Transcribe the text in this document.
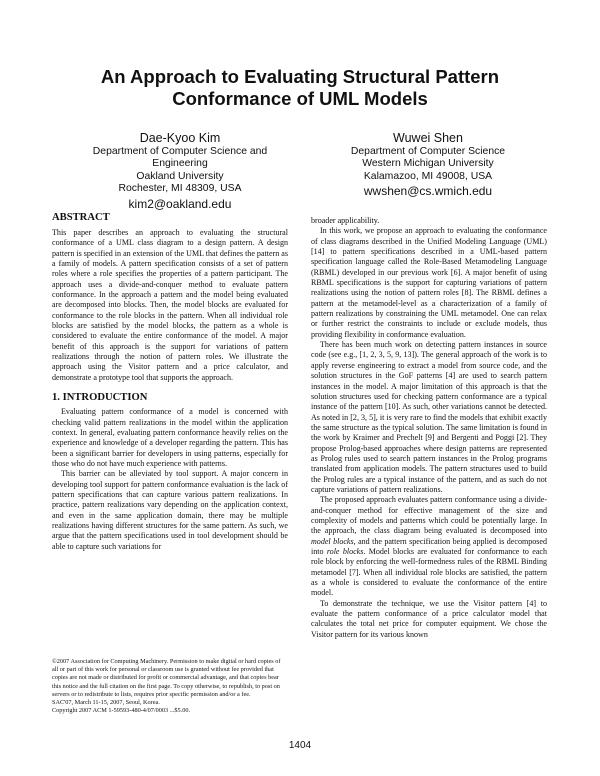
An Approach to Evaluating Structural Pattern
Conformance of UML Models
Dae-Kyoo Kim
Department of Computer Science and
Engineering
Oakland University
Rochester, MI 48309, USA
kim2@oakland.edu
Wuwei Shen
Department of Computer Science
Western Michigan University
Kalamazoo, MI 49008, USA
wwshen@cs.wmich.edu
ABSTRACT

This paper describes an approach to evaluating the structural conformance of a UML class diagram to a design pattern. A design pattern is specified in an extension of the UML that defines the pattern as a family of models. A pattern specification consists of a set of pattern roles where a role specifies the properties of a pattern participant. The approach uses a divide-and-conquer method to evaluate pattern conformance. In the approach a pattern and the model being evaluated are decomposed into blocks. Then, the model blocks are evaluated for conformance to the role blocks in the pattern. When all individual role blocks are satisfied by the model blocks, the pattern as a whole is considered to evaluate the entire conformance of the model. A major benefit of this approach is the support for variations of pattern realizations through the notion of pattern roles. We illustrate the approach using the Visitor pattern and a price calculator, and demonstrate a prototype tool that supports the approach.

1. INTRODUCTION

Evaluating pattern conformance of a model is concerned with checking valid pattern realizations in the model within the application context. In general, evaluating pattern conformance heavily relies on the experience and knowledge of a developer regarding the pattern. This has been a significant barrier for developers in using patterns, especially for those who do not have much experience with patterns.

This barrier can be alleviated by tool support. A major concern in developing tool support for pattern conformance evaluation is the lack of pattern specifications that can capture various pattern realizations. In practice, pattern realizations vary depending on the application context, and even in the same application domain, there may be multiple realizations having different structures for the same pattern. As such, we argue that the pattern specifications used in tool development should be able to capture such variations for

©2007 Association for Computing Machinery. Permission to make digital or hard copies of all or part of this work for personal or classroom use is granted without fee provided that copies are not made or distributed for profit or commercial advantage, and that copies bear this notice and the full citation on the first page. To copy otherwise, to republish, to post on servers or to redistribute to lists, requires prior specific permission and/or a fee.

SAC'07, March 11-15, 2007, Seoul, Korea.

Copyright 2007 ACM 1-59593-480-4/07/0003 ...$5.00.

broader applicability.

In this work, we propose an approach to evaluating the conformance of class diagrams described in the Unified Modeling Language (UML) [14] to pattern specifications described in a UML-based pattern specification language called the Role-Based Metamodeling Language (RBML) developed in our previous work [6]. A major benefit of using RBML specifications is the support for capturing variations of pattern realizations using the notion of pattern roles [8]. The RBML defines a pattern at the metamodel-level as a characterization of a family of pattern realizations by constraining the UML metamodel. One can relax or further restrict the constraints to include or exclude models, thus providing flexibility in conformance evaluation.

There has been much work on detecting pattern instances in source code (see e.g., [1, 2, 3, 5, 9, 13]). The general approach of the work is to apply reverse engineering to extract a model from source code, and the solution structures in the GoF patterns [4] are used to search pattern instances in the model. A major limitation of this approach is that the solution structures used for checking pattern conformance are a typical instance of the pattern [10]. As such, other variations cannot be detected. As noted in [2, 3, 5], it is very rare to find the models that exhibit exactly the same structure as the typical solution. The same limitation is found in the work by Kraimer and Prechelt [9] and Bergenti and Poggi [2]. They propose Prolog-based approaches where design patterns are represented as Prolog rules used to search pattern instances in the Prolog programs translated from application models. The pattern structures used to build the Prolog rules are a typical instance of the pattern, and as such do not capture variations of pattern realizations.

The proposed approach evaluates pattern conformance using a divide-and-conquer method for effective management of the size and complexity of models and patterns which could be potentially large. In the approach, the class diagram being evaluated is decomposed into model blocks, and the pattern specification being applied is decomposed into role blocks. Model blocks are evaluated for conformance to each role block by enforcing the well-formedness rules of the RBML Binding metamodel [7]. When all individual role blocks are satisfied, the pattern as a whole is considered to evaluate the conformance of the entire model.

To demonstrate the technique, we use the Visitor pattern [4] to evaluate the pattern conformance of a price calculator model that calculates the total net price for computer equipment. We chose the Visitor pattern for its various known

1404
